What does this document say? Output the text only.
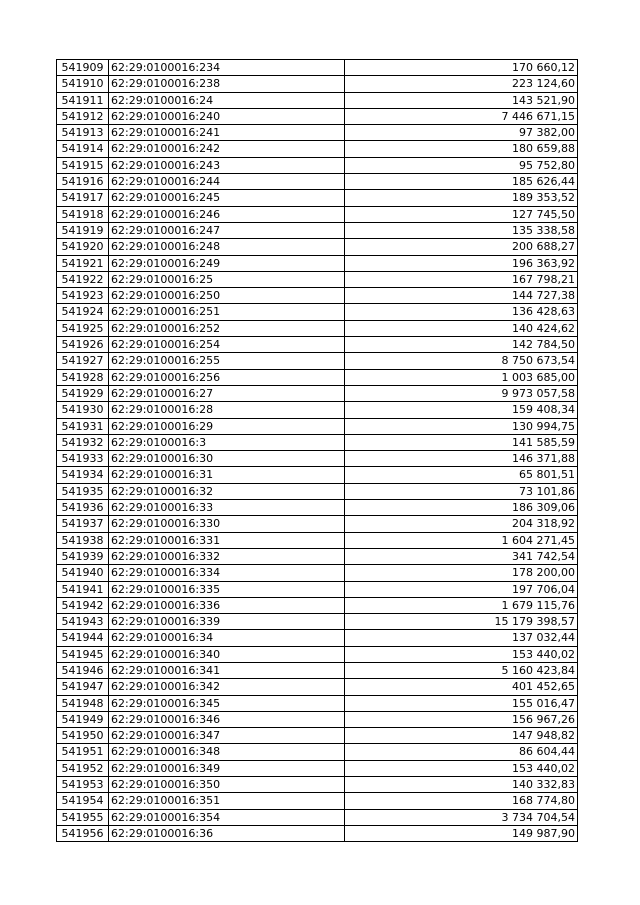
541909	62:29:0100016:234	170 660,12
541910	62:29:0100016:238	223 124,60
541911	62:29:0100016:24	143 521,90
541912	62:29:0100016:240	7 446 671,15
541913	62:29:0100016:241	97 382,00
541914	62:29:0100016:242	180 659,88
541915	62:29:0100016:243	95 752,80
541916	62:29:0100016:244	185 626,44
541917	62:29:0100016:245	189 353,52
541918	62:29:0100016:246	127 745,50
541919	62:29:0100016:247	135 338,58
541920	62:29:0100016:248	200 688,27
541921	62:29:0100016:249	196 363,92
541922	62:29:0100016:25	167 798,21
541923	62:29:0100016:250	144 727,38
541924	62:29:0100016:251	136 428,63
541925	62:29:0100016:252	140 424,62
541926	62:29:0100016:254	142 784,50
541927	62:29:0100016:255	8 750 673,54
541928	62:29:0100016:256	1 003 685,00
541929	62:29:0100016:27	9 973 057,58
541930	62:29:0100016:28	159 408,34
541931	62:29:0100016:29	130 994,75
541932	62:29:0100016:3	141 585,59
541933	62:29:0100016:30	146 371,88
541934	62:29:0100016:31	65 801,51
541935	62:29:0100016:32	73 101,86
541936	62:29:0100016:33	186 309,06
541937	62:29:0100016:330	204 318,92
541938	62:29:0100016:331	1 604 271,45
541939	62:29:0100016:332	341 742,54
541940	62:29:0100016:334	178 200,00
541941	62:29:0100016:335	197 706,04
541942	62:29:0100016:336	1 679 115,76
541943	62:29:0100016:339	15 179 398,57
541944	62:29:0100016:34	137 032,44
541945	62:29:0100016:340	153 440,02
541946	62:29:0100016:341	5 160 423,84
541947	62:29:0100016:342	401 452,65
541948	62:29:0100016:345	155 016,47
541949	62:29:0100016:346	156 967,26
541950	62:29:0100016:347	147 948,82
541951	62:29:0100016:348	86 604,44
541952	62:29:0100016:349	153 440,02
541953	62:29:0100016:350	140 332,83
541954	62:29:0100016:351	168 774,80
541955	62:29:0100016:354	3 734 704,54
541956	62:29:0100016:36	149 987,90
